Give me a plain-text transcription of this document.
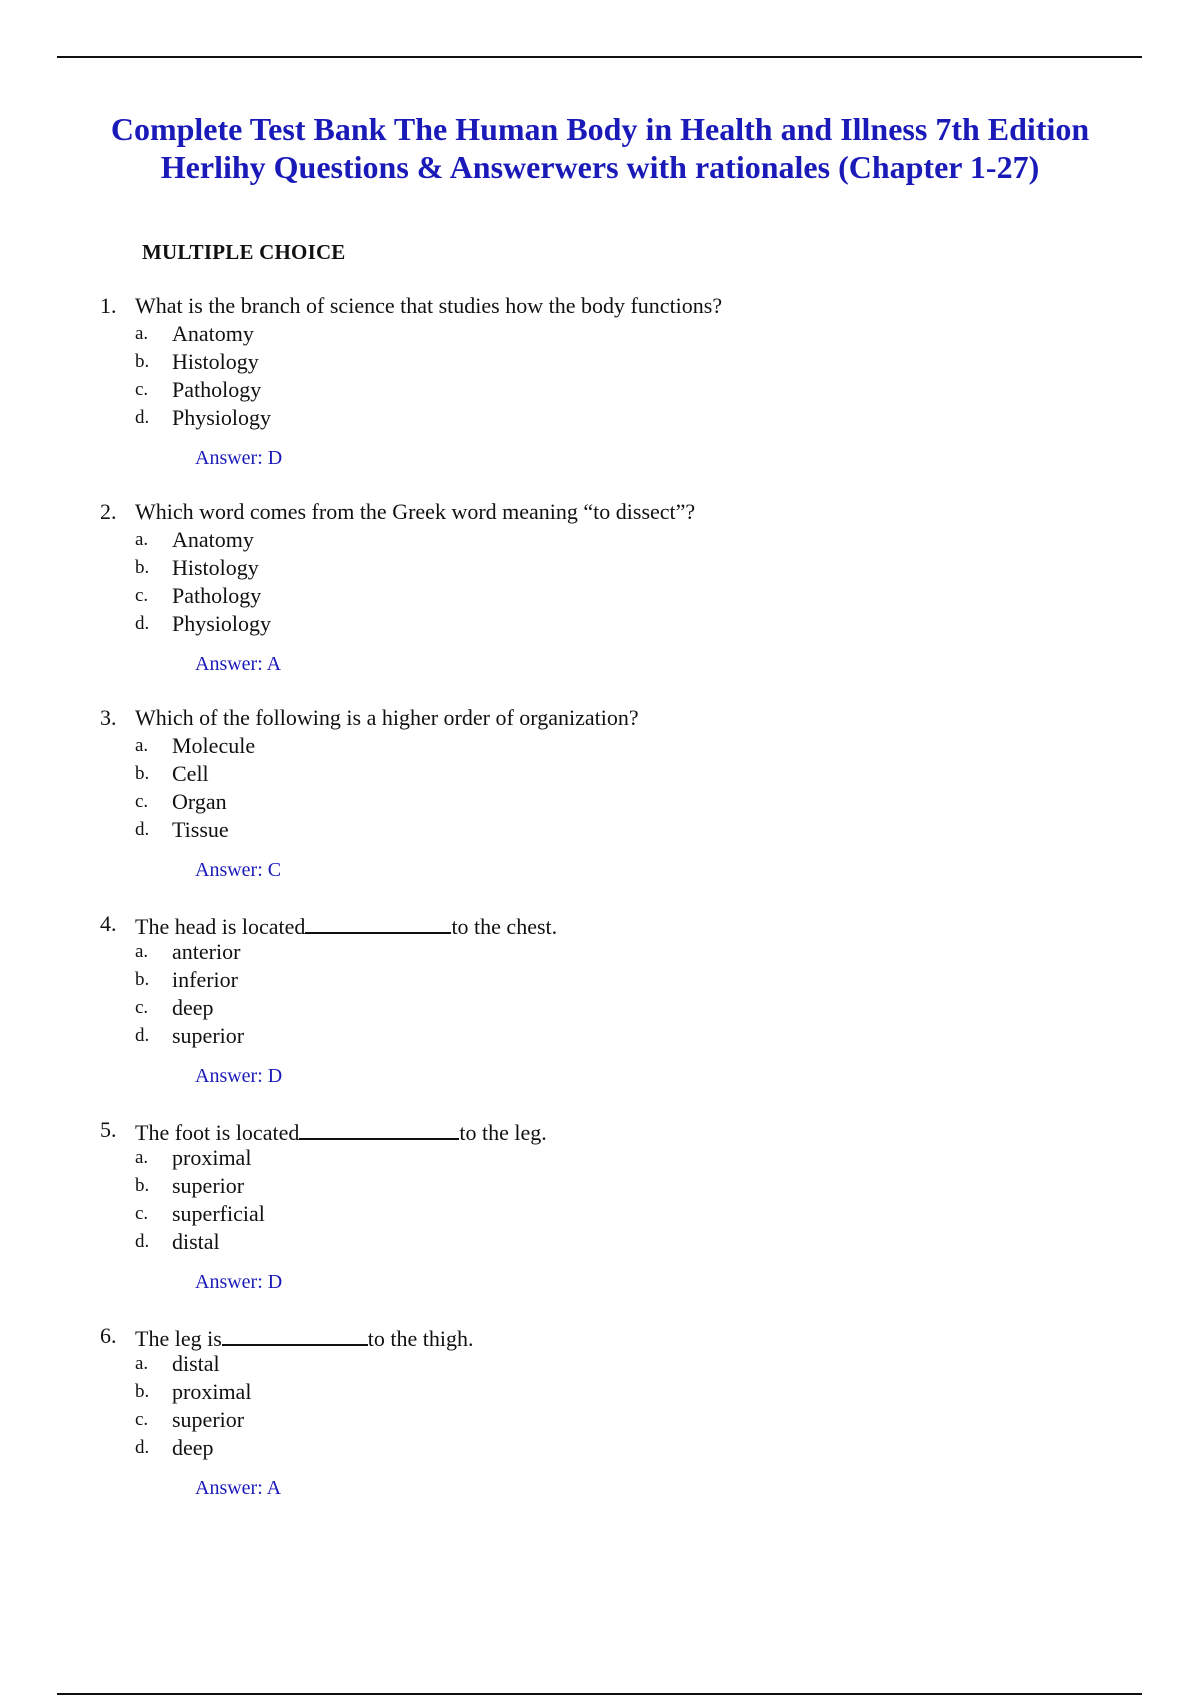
Complete Test Bank The Human Body in Health and Illness 7th Edition
Herlihy Questions & Answerwers with rationales (Chapter 1-27)
MULTIPLE CHOICE
1. What is the branch of science that studies how the body functions?
a. Anatomy
b. Histology
c. Pathology
d. Physiology
Answer: D
2. Which word comes from the Greek word meaning “to dissect”?
a. Anatomy
b. Histology
c. Pathology
d. Physiology
Answer: A
3. Which of the following is a higher order of organization?
a. Molecule
b. Cell
c. Organ
d. Tissue
Answer: C
4. The head is located	to the chest.
a. anterior
b. inferior
c. deep
d. superior
Answer: D
5. The foot is located	to the leg.
a. proximal
b. superior
c. superficial
d. distal
Answer: D
6. The leg is	to the thigh.
a. distal
b. proximal
c. superior
d. deep
Answer: A
